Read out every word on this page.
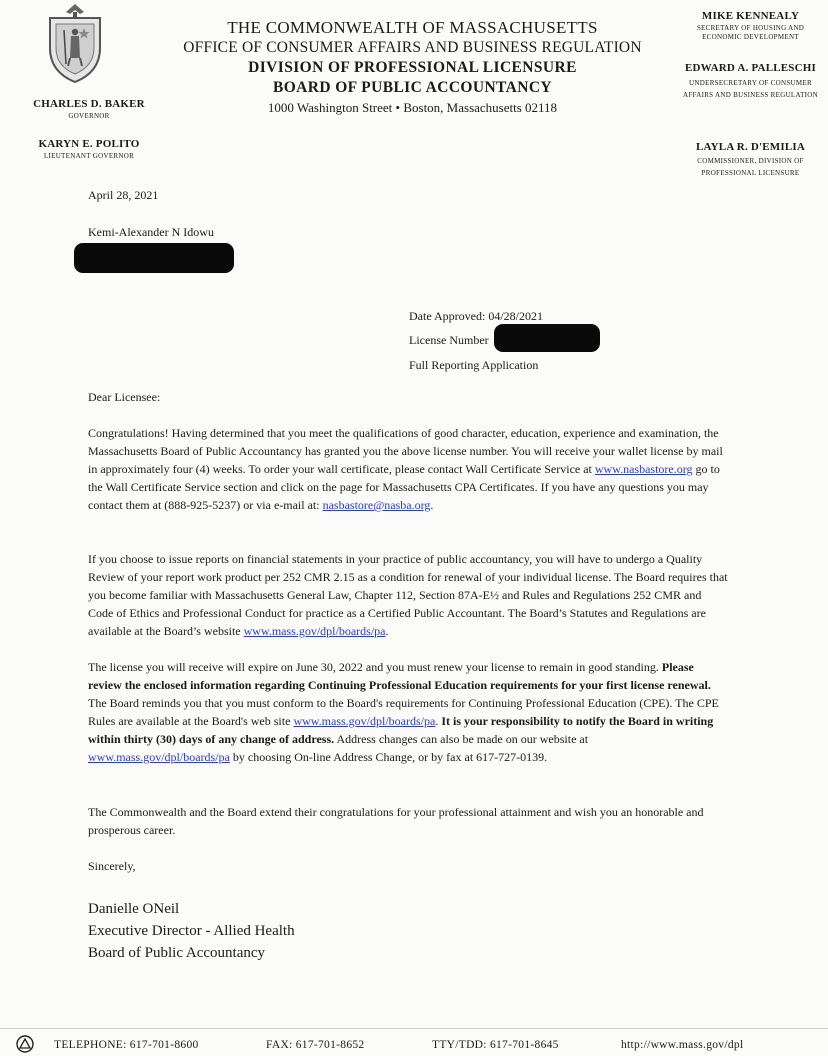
CHARLES D. BAKER
GOVERNOR
KARYN E. POLITO
LIEUTENANT GOVERNOR
THE COMMONWEALTH OF MASSACHUSETTS
OFFICE OF CONSUMER AFFAIRS AND BUSINESS REGULATION
DIVISION OF PROFESSIONAL LICENSURE
BOARD OF PUBLIC ACCOUNTANCY
1000 Washington Street • Boston, Massachusetts 02118
MIKE KENNEALY
SECRETARY OF HOUSING AND ECONOMIC DEVELOPMENT
EDWARD A. PALLESCHI
UNDERSECRETARY OF CONSUMER AFFAIRS AND BUSINESS REGULATION
LAYLA R. D'EMILIA
COMMISSIONER, DIVISION OF PROFESSIONAL LICENSURE
April 28, 2021
Kemi-Alexander N Idowu
Date Approved: 04/28/2021
License Number
Full Reporting Application
Dear Licensee:

Congratulations! Having determined that you meet the qualifications of good character, education, experience and examination, the Massachusetts Board of Public Accountancy has granted you the above license number. You will receive your wallet license by mail in approximately four (4) weeks. To order your wall certificate, please contact Wall Certificate Service at www.nasbastore.org go to the Wall Certificate Service section and click on the page for Massachusetts CPA Certificates. If you have any questions you may contact them at (888-925-5237) or via e-mail at: nasbastore@nasba.org.

If you choose to issue reports on financial statements in your practice of public accountancy, you will have to undergo a Quality Review of your report work product per 252 CMR 2.15 as a condition for renewal of your individual license. The Board requires that you become familiar with Massachusetts General Law, Chapter 112, Section 87A-E½ and Rules and Regulations 252 CMR and Code of Ethics and Professional Conduct for practice as a Certified Public Accountant. The Board’s Statutes and Regulations are available at the Board’s website www.mass.gov/dpl/boards/pa.

The license you will receive will expire on June 30, 2022 and you must renew your license to remain in good standing. Please review the enclosed information regarding Continuing Professional Education requirements for your first license renewal. The Board reminds you that you must conform to the Board's requirements for Continuing Professional Education (CPE). The CPE Rules are available at the Board's web site www.mass.gov/dpl/boards/pa. It is your responsibility to notify the Board in writing within thirty (30) days of any change of address. Address changes can also be made on our website at www.mass.gov/dpl/boards/pa by choosing On-line Address Change, or by fax at 617-727-0139.

The Commonwealth and the Board extend their congratulations for your professional attainment and wish you an honorable and prosperous career.

Sincerely,
Danielle ONeil
Executive Director - Allied Health
Board of Public Accountancy
TELEPHONE: 617-701-8600	FAX: 617-701-8652	TTY/TDD: 617-701-8645	http://www.mass.gov/dpl
